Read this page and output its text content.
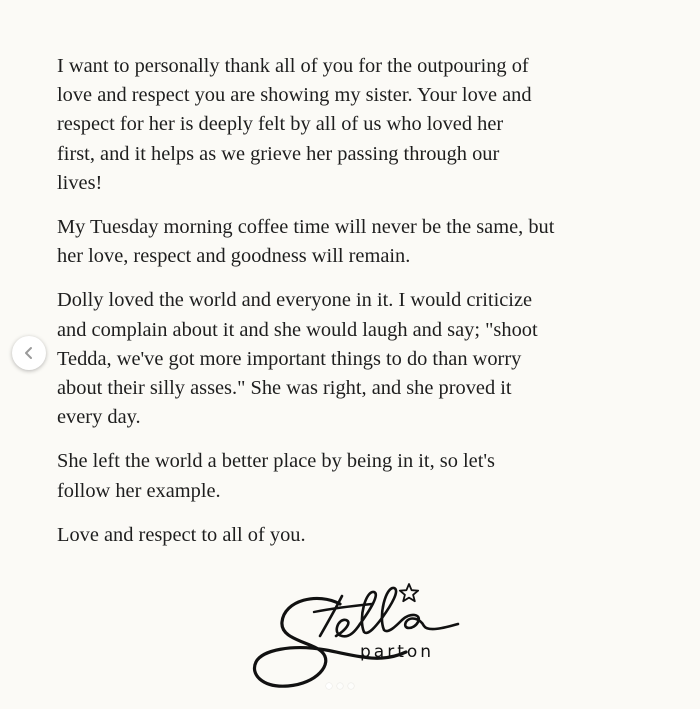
I want to personally thank all of you for the outpouring of
love and respect you are showing my sister. Your love and
respect for her is deeply felt by all of us who loved her
first, and it helps as we grieve her passing through our
lives!

My Tuesday morning coffee time will never be the same, but
her love, respect and goodness will remain.

Dolly loved the world and everyone in it. I would criticize
and complain about it and she would laugh and say; "shoot
Tedda, we've got more important things to do than worry
about their silly asses." She was right, and she proved it
every day.

She left the world a better place by being in it, so let's
follow her example.

Love and respect to all of you.

parton
